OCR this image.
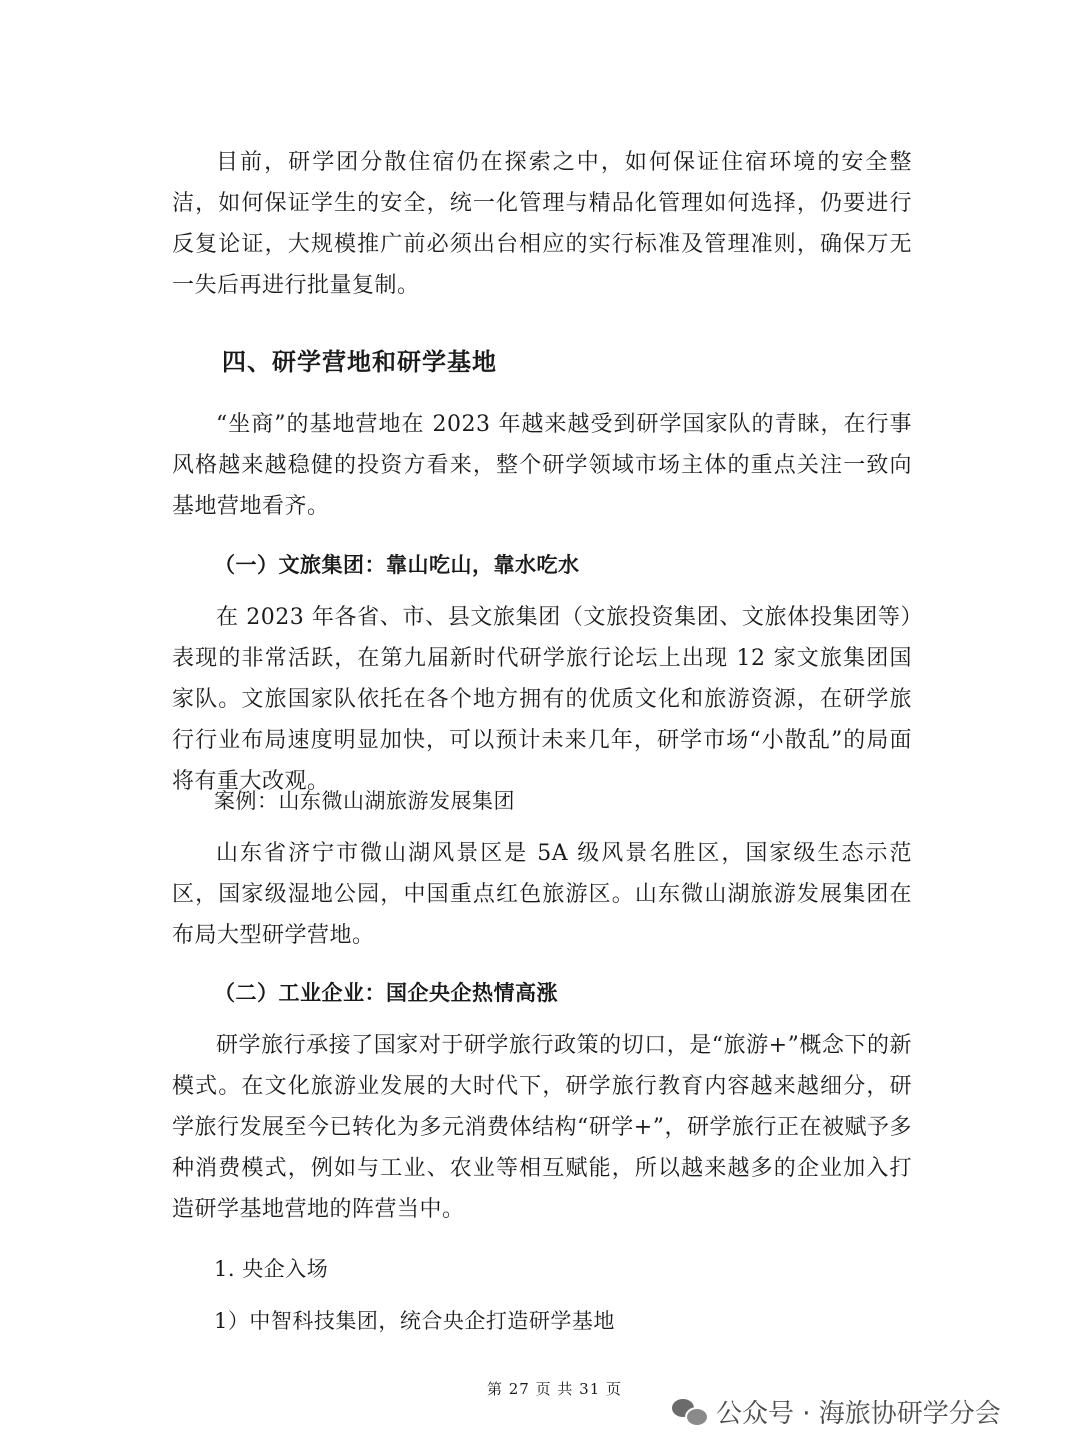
目前，研学团分散住宿仍在探索之中，如何保证住宿环境的安全整洁，如何保证学生的安全，统一化管理与精品化管理如何选择，仍要进行反复论证，大规模推广前必须出台相应的实行标准及管理准则，确保万无一失后再进行批量复制。

四、研学营地和研学基地

“坐商”的基地营地在 2023 年越来越受到研学国家队的青睐，在行事风格越来越稳健的投资方看来，整个研学领域市场主体的重点关注一致向基地营地看齐。

（一）文旅集团：靠山吃山，靠水吃水

在 2023 年各省、市、县文旅集团（文旅投资集团、文旅体投集团等）表现的非常活跃，在第九届新时代研学旅行论坛上出现 12 家文旅集团国家队。文旅国家队依托在各个地方拥有的优质文化和旅游资源，在研学旅行行业布局速度明显加快，可以预计未来几年，研学市场“小散乱”的局面将有重大改观。

案例：山东微山湖旅游发展集团

山东省济宁市微山湖风景区是 5A 级风景名胜区，国家级生态示范区，国家级湿地公园，中国重点红色旅游区。山东微山湖旅游发展集团在布局大型研学营地。

（二）工业企业：国企央企热情高涨

研学旅行承接了国家对于研学旅行政策的切口，是“旅游+”概念下的新模式。在文化旅游业发展的大时代下，研学旅行教育内容越来越细分，研学旅行发展至今已转化为多元消费体结构“研学+”，研学旅行正在被赋予多种消费模式，例如与工业、农业等相互赋能，所以越来越多的企业加入打造研学基地营地的阵营当中。

1. 央企入场

1）中智科技集团，统合央企打造研学基地

第 27 页 共 31 页
公众号 · 海旅协研学分会
